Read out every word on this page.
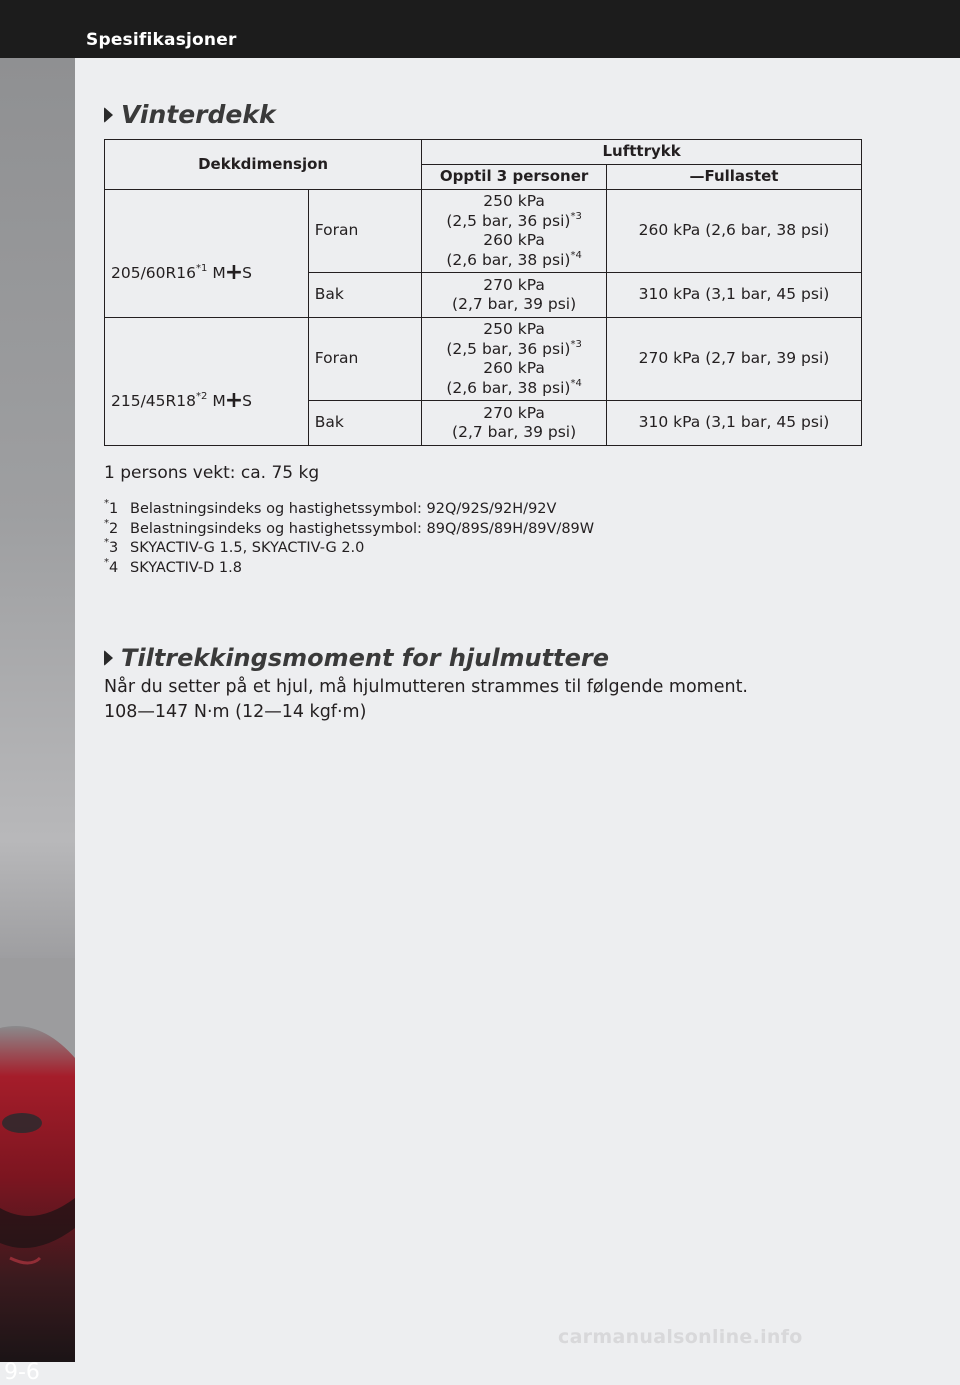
Spesifikasjoner
9-6
Vinterdekk
Dekkdimensjon		Lufttrykk	
		Opptil 3 personer	—Fullastet
205/60R16$^{*1}$ M+S	Foran	250 kPa
(2,5 bar, 36 psi)$^{*3}$
260 kPa
(2,6 bar, 38 psi)$^{*4}$	260 kPa (2,6 bar, 38 psi)
	Bak	270 kPa
(2,7 bar, 39 psi)	310 kPa (3,1 bar, 45 psi)
215/45R18$^{*2}$ M+S	Foran	250 kPa
(2,5 bar, 36 psi)$^{*3}$
260 kPa
(2,6 bar, 38 psi)$^{*4}$	270 kPa (2,7 bar, 39 psi)
	Bak	270 kPa
(2,7 bar, 39 psi)	310 kPa (3,1 bar, 45 psi)
1 persons vekt: ca. 75 kg
*1 Belastningsindeks og hastighetssymbol: 92Q/92S/92H/92V
*2 Belastningsindeks og hastighetssymbol: 89Q/89S/89H/89V/89W
*3 SKYACTIV-G 1.5, SKYACTIV-G 2.0
*4 SKYACTIV-D 1.8
Tiltrekkingsmoment for hjulmuttere
Når du setter på et hjul, må hjulmutteren strammes til følgende moment.
108—147 N·m (12—14 kgf·m)
carmanualsonline.info
